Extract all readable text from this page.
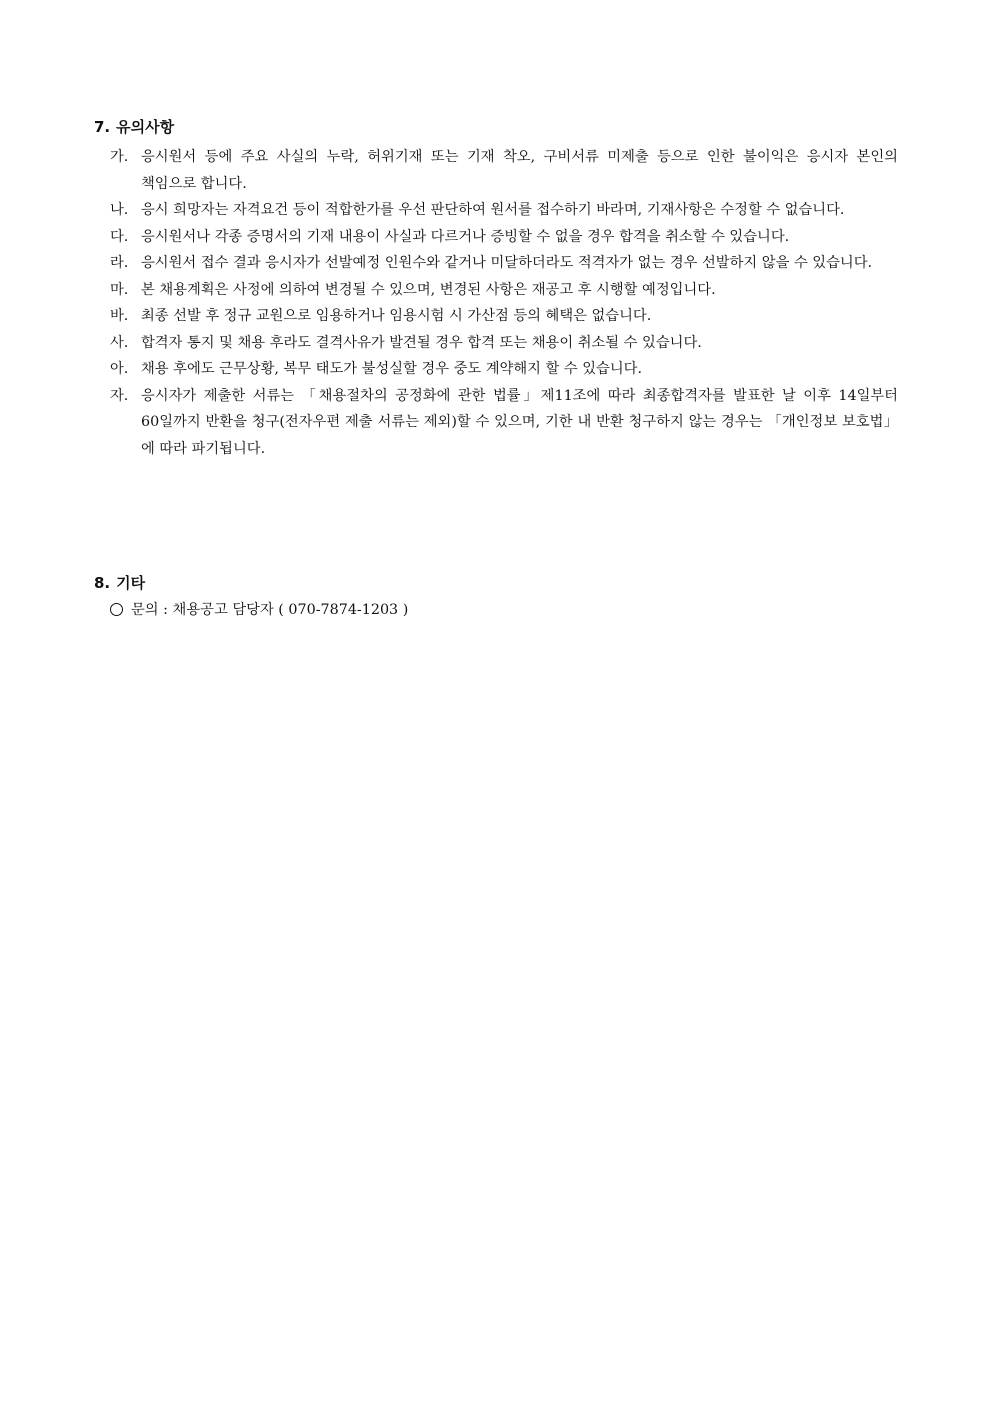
7. 유의사항
가. 응시원서 등에 주요 사실의 누락, 허위기재 또는 기재 착오, 구비서류 미제출 등으로 인한 불이익은 응시자 본인의 책임으로 합니다.
나. 응시 희망자는 자격요건 등이 적합한가를 우선 판단하여 원서를 접수하기 바라며, 기재사항은 수정할 수 없습니다.
다. 응시원서나 각종 증명서의 기재 내용이 사실과 다르거나 증빙할 수 없을 경우 합격을 취소할 수 있습니다.
라. 응시원서 접수 결과 응시자가 선발예정 인원수와 같거나 미달하더라도 적격자가 없는 경우 선발하지 않을 수 있습니다.
마. 본 채용계획은 사정에 의하여 변경될 수 있으며, 변경된 사항은 재공고 후 시행할 예정입니다.
바. 최종 선발 후 정규 교원으로 임용하거나 임용시험 시 가산점 등의 혜택은 없습니다.
사. 합격자 통지 및 채용 후라도 결격사유가 발견될 경우 합격 또는 채용이 취소될 수 있습니다.
아. 채용 후에도 근무상황, 복무 태도가 불성실할 경우 중도 계약해지 할 수 있습니다.
자. 응시자가 제출한 서류는 「채용절차의 공정화에 관한 법률」제11조에 따라 최종합격자를 발표한 날 이후 14일부터 60일까지 반환을 청구(전자우편 제출 서류는 제외)할 수 있으며, 기한 내 반환 청구하지 않는 경우는 「개인정보 보호법」에 따라 파기됩니다.
8. 기타
문의
:
채용공고 담당자 ( 070-7874-1203 )
